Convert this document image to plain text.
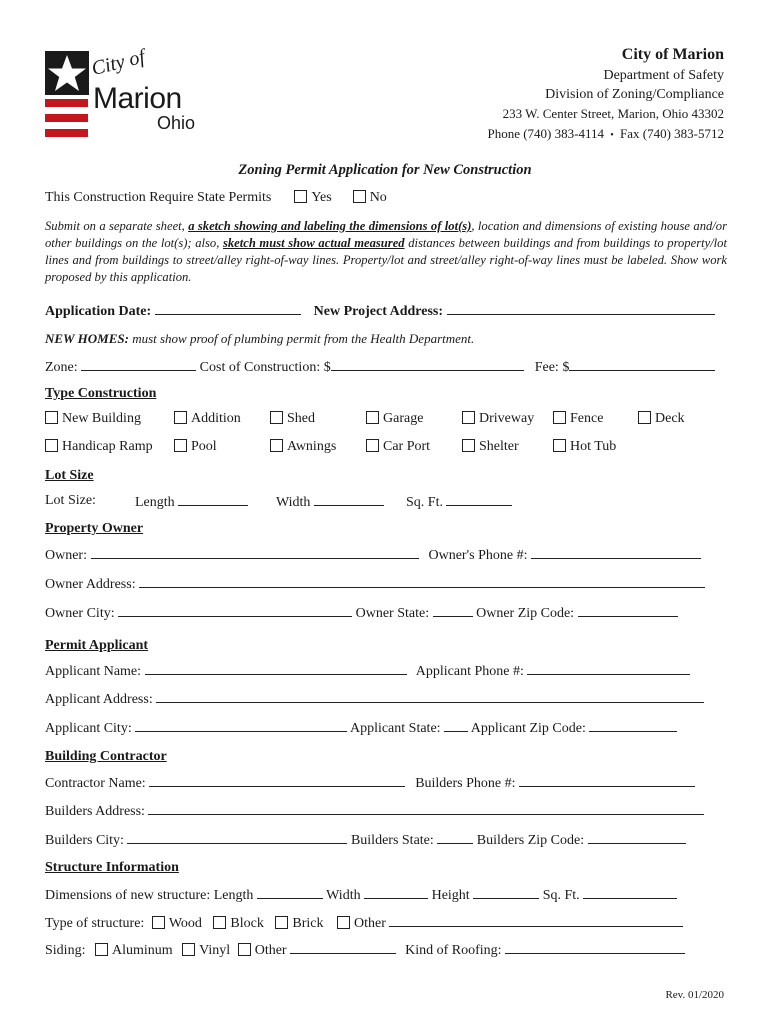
City of
Marion
Ohio
City of Marion
Department of Safety
Division of Zoning/Compliance
233 W. Center Street, Marion, Ohio 43302
Phone (740) 383-4114 • Fax (740) 383-5712
Zoning Permit Application for New Construction
This Construction Require State Permits	Yes	No
Submit on a separate sheet, a sketch showing and labeling the dimensions of lot(s), location and dimensions of existing house and/or other buildings on the lot(s); also, sketch must show actual measured distances between buildings and from buildings to property/lot lines and from buildings to street/alley right-of-way lines. Property/lot and street/alley right-of-way lines must be labeled. Show work proposed by this application.
Application Date:	New Project Address:
NEW HOMES: must show proof of plumbing permit from the Health Department.
Zone:	Cost of Construction: $	Fee: $
Type Construction
New Building	Addition	Shed	Garage	Driveway	Fence	Deck
Handicap Ramp	Pool	Awnings	Car Port	Shelter	Hot Tub
Lot Size
Lot Size:	Length	Width	Sq. Ft.
Property Owner
Owner:	Owner's Phone #:
Owner Address:
Owner City:	Owner State:	Owner Zip Code:
Permit Applicant
Applicant Name:	Applicant Phone #:
Applicant Address:
Applicant City:	Applicant State: Applicant Zip Code:
Building Contractor
Contractor Name:	Builders Phone #:
Builders Address:
Builders City:	Builders State:	Builders Zip Code:
Structure Information
Dimensions of new structure: Length	Width	Height	Sq. Ft.
Type of structure: Wood Block Brick Other
Siding: Aluminum Vinyl Other	Kind of Roofing:
Rev. 01/2020
